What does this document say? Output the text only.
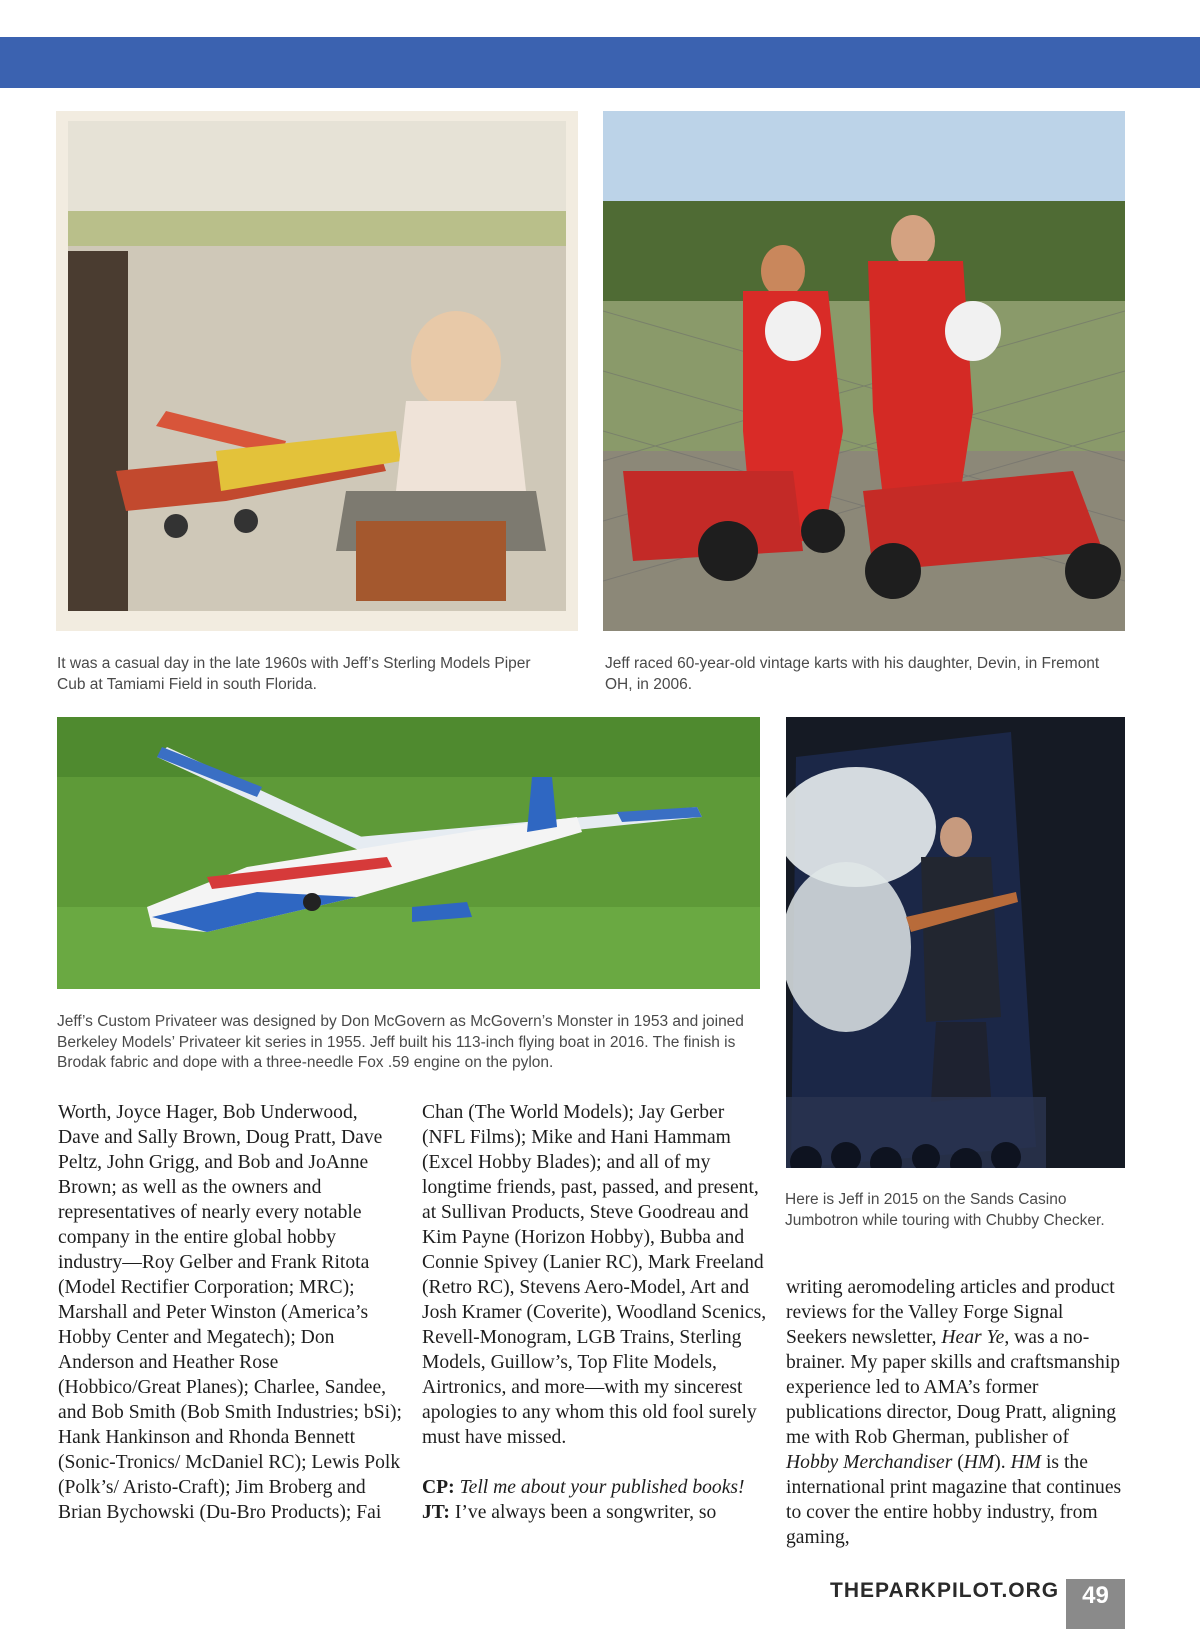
It was a casual day in the late 1960s with Jeff’s Sterling Models Piper Cub at Tamiami Field in south Florida.

Jeff raced 60-year-old vintage karts with his daughter, Devin, in Fremont OH, in 2006.

Jeff’s Custom Privateer was designed by Don McGovern as McGovern’s Monster in 1953 and joined Berkeley Models’ Privateer kit series in 1955. Jeff built his 113-inch flying boat in 2016. The finish is Brodak fabric and dope with a three-needle Fox .59 engine on the pylon.

Here is Jeff in 2015 on the Sands Casino Jumbotron while touring with Chubby Checker.

Worth, Joyce Hager, Bob Underwood, Dave and Sally Brown, Doug Pratt, Dave Peltz, John Grigg, and Bob and JoAnne Brown; as well as the owners and representatives of nearly every notable company in the entire global hobby industry—Roy Gelber and Frank Ritota (Model Rectifier Corporation; MRC); Marshall and Peter Winston (America’s Hobby Center and Megatech); Don Anderson and Heather Rose (Hobbico/Great Planes); Charlee, Sandee, and Bob Smith (Bob Smith Industries; bSi); Hank Hankinson and Rhonda Bennett (Sonic-Tronics/ McDaniel RC); Lewis Polk (Polk’s/ Aristo-Craft); Jim Broberg and Brian Bychowski (Du-Bro Products); Fai

Chan (The World Models); Jay Gerber (NFL Films); Mike and Hani Hammam (Excel Hobby Blades); and all of my longtime friends, past, passed, and present, at Sullivan Products, Steve Goodreau and Kim Payne (Horizon Hobby), Bubba and Connie Spivey (Lanier RC), Mark Freeland (Retro RC), Stevens Aero-Model, Art and Josh Kramer (Coverite), Woodland Scenics, Revell-Monogram, LGB Trains, Sterling Models, Guillow’s, Top Flite Models, Airtronics, and more—with my sincerest apologies to any whom this old fool surely must have missed.

CP: Tell me about your published books!

JT: I’ve always been a songwriter, so

writing aeromodeling articles and product reviews for the Valley Forge Signal Seekers newsletter, Hear Ye, was a no-brainer. My paper skills and craftsmanship experience led to AMA’s former publications director, Doug Pratt, aligning me with Rob Gherman, publisher of Hobby Merchandiser (HM). HM is the international print magazine that continues to cover the entire hobby industry, from gaming,

THEPARKPILOT.ORG 49
